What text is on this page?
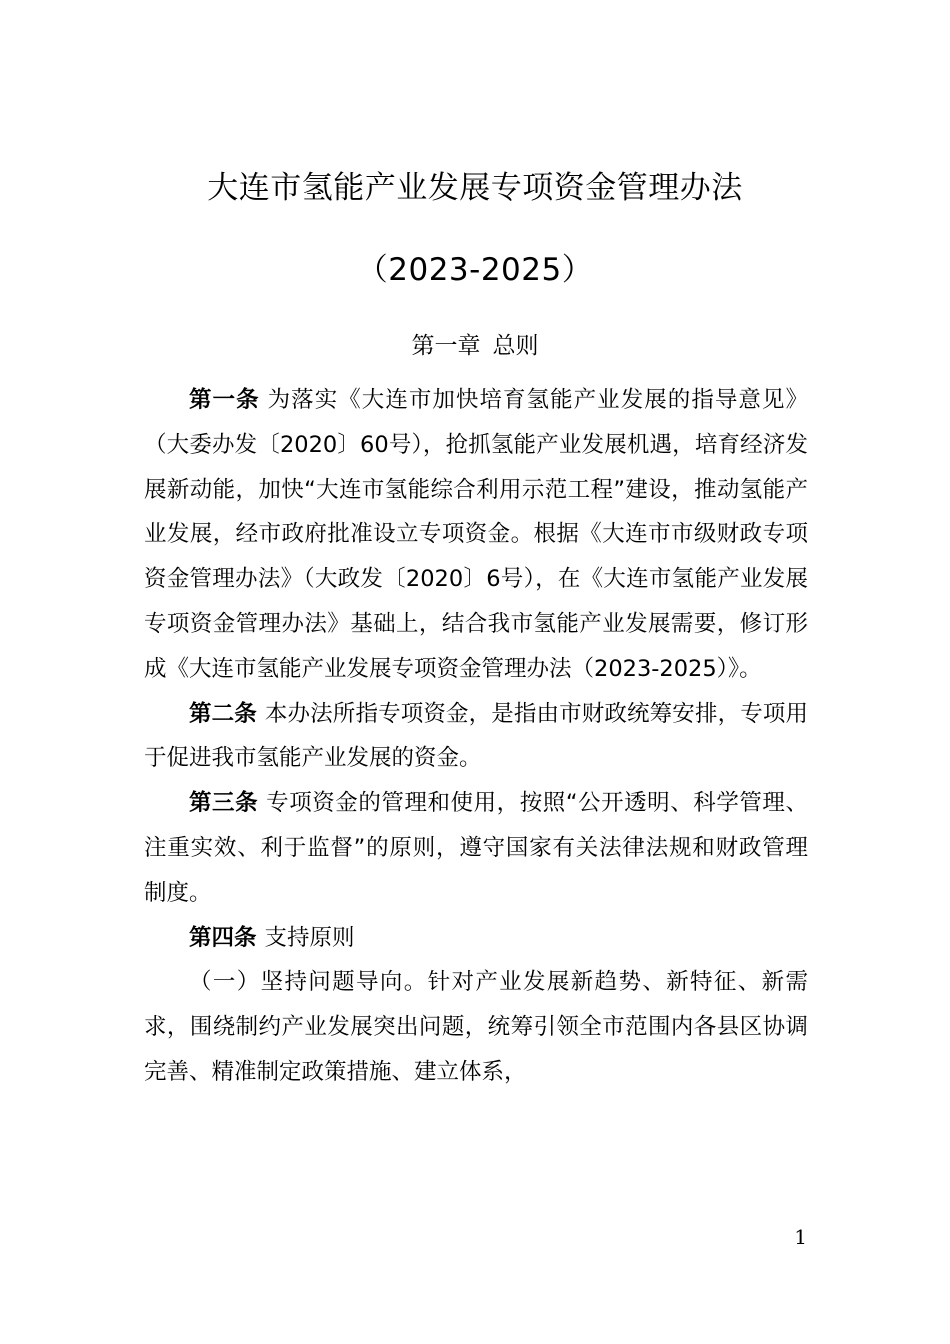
大连市氢能产业发展专项资金管理办法
（2023-2025）
第一章 总则

第一条 为落实《大连市加快培育氢能产业发展的指导意见》（大委办发〔2020〕60号），抢抓氢能产业发展机遇，培育经济发展新动能，加快“大连市氢能综合利用示范工程”建设，推动氢能产业发展，经市政府批准设立专项资金。根据《大连市市级财政专项资金管理办法》（大政发〔2020〕6号），在《大连市氢能产业发展专项资金管理办法》基础上，结合我市氢能产业发展需要，修订形成《大连市氢能产业发展专项资金管理办法（2023-2025）》。

第二条 本办法所指专项资金，是指由市财政统筹安排，专项用于促进我市氢能产业发展的资金。

第三条 专项资金的管理和使用，按照“公开透明、科学管理、注重实效、利于监督”的原则，遵守国家有关法律法规和财政管理制度。

第四条 支持原则

（一）坚持问题导向。针对产业发展新趋势、新特征、新需求，围绕制约产业发展突出问题，统筹引领全市范围内各县区协调完善、精准制定政策措施、建立体系，

1
